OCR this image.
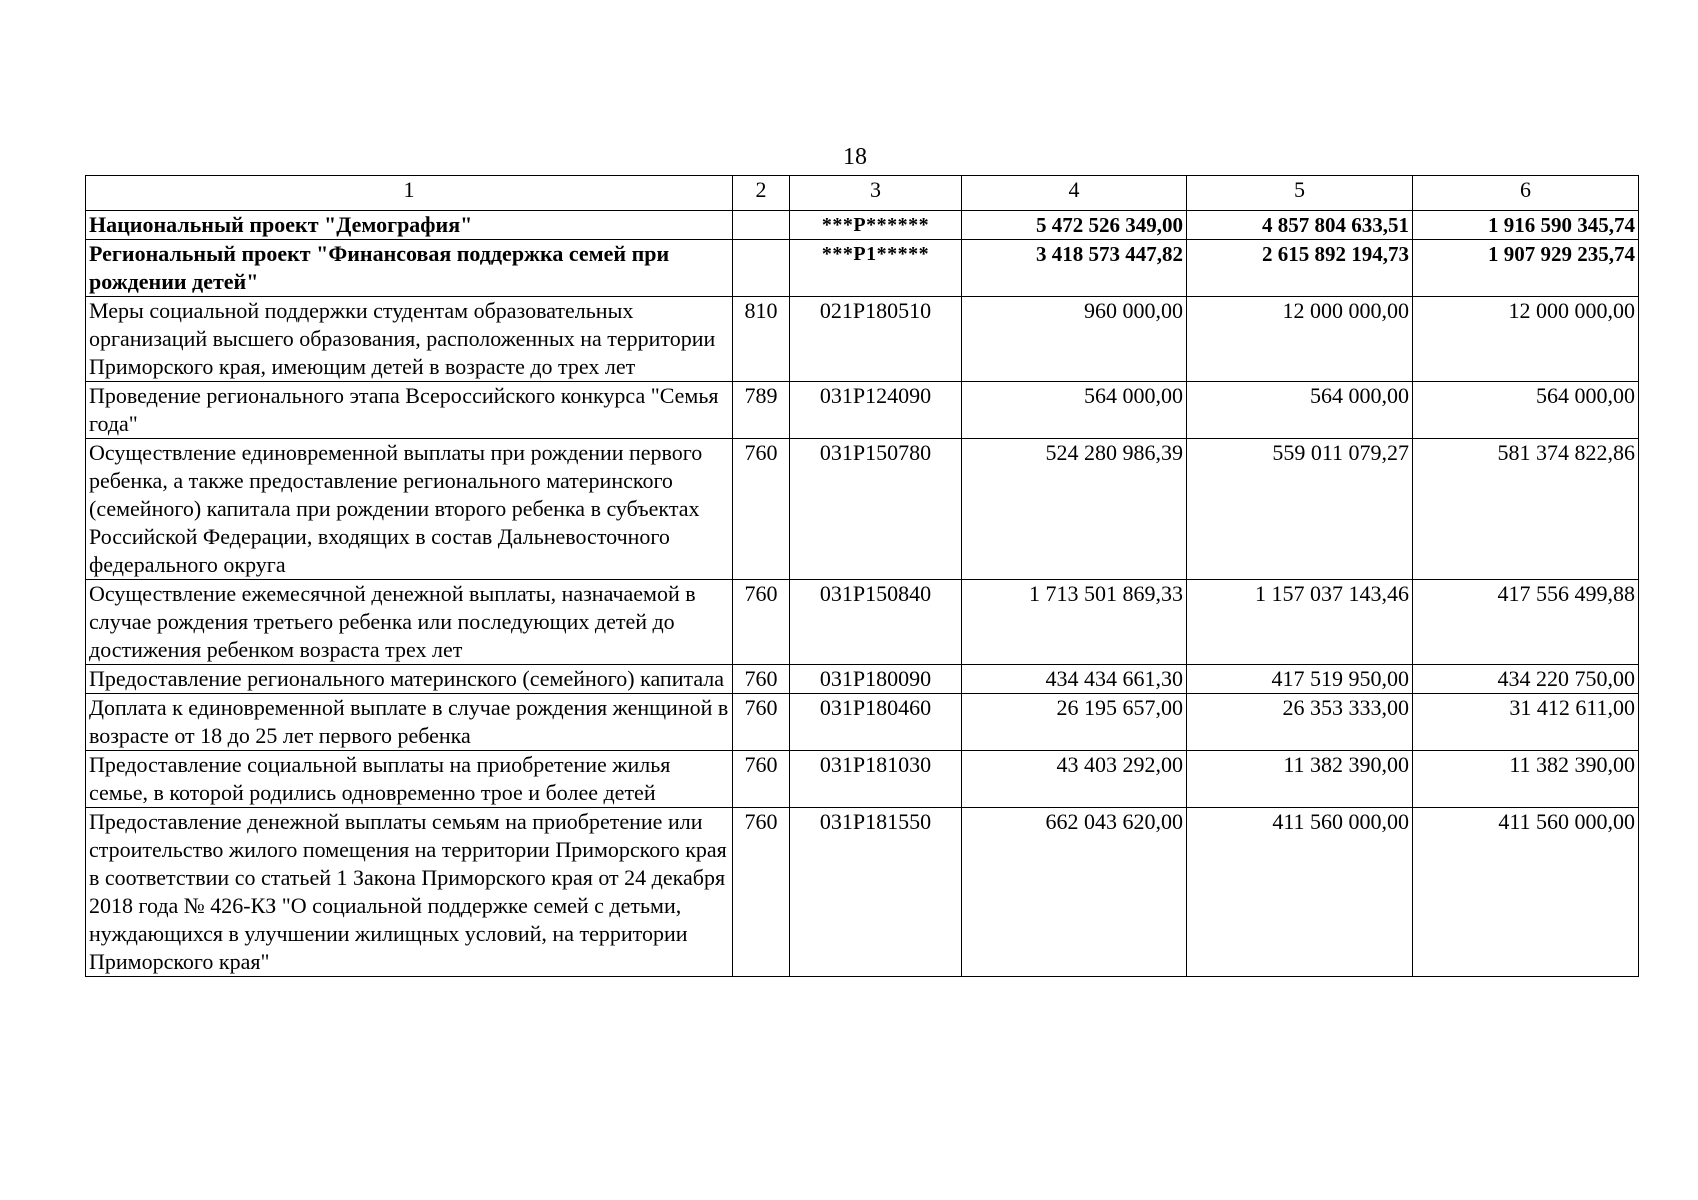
18
1	2	3	4	5	6
Национальный проект "Демография"		***P******	5 472 526 349,00	4 857 804 633,51	1 916 590 345,74
Региональный проект "Финансовая поддержка семей при рождении детей"		***P1*****	3 418 573 447,82	2 615 892 194,73	1 907 929 235,74
Меры социальной поддержки студентам образовательных организаций высшего образования, расположенных на территории Приморского края, имеющим детей в возрасте до трех лет	810	021P180510	960 000,00	12 000 000,00	12 000 000,00
Проведение регионального этапа Всероссийского конкурса "Семья года"	789	031P124090	564 000,00	564 000,00	564 000,00
Осуществление единовременной выплаты при рождении первого ребенка, а также предоставление регионального материнского (семейного) капитала при рождении второго ребенка в субъектах Российской Федерации, входящих в состав Дальневосточного федерального округа	760	031P150780	524 280 986,39	559 011 079,27	581 374 822,86
Осуществление ежемесячной денежной выплаты, назначаемой в случае рождения третьего ребенка или последующих детей до достижения ребенком возраста трех лет	760	031P150840	1 713 501 869,33	1 157 037 143,46	417 556 499,88
Предоставление регионального материнского (семейного) капитала	760	031P180090	434 434 661,30	417 519 950,00	434 220 750,00
Доплата к единовременной выплате в случае рождения женщиной в возрасте от 18 до 25 лет первого ребенка	760	031P180460	26 195 657,00	26 353 333,00	31 412 611,00
Предоставление социальной выплаты на приобретение жилья семье, в которой родились одновременно трое и более детей	760	031P181030	43 403 292,00	11 382 390,00	11 382 390,00
Предоставление денежной выплаты семьям на приобретение или строительство жилого помещения на территории Приморского края в соответствии со статьей 1 Закона Приморского края от 24 декабря 2018 года № 426-КЗ "О социальной поддержке семей с детьми, нуждающихся в улучшении жилищных условий, на территории Приморского края"	760	031P181550	662 043 620,00	411 560 000,00	411 560 000,00
